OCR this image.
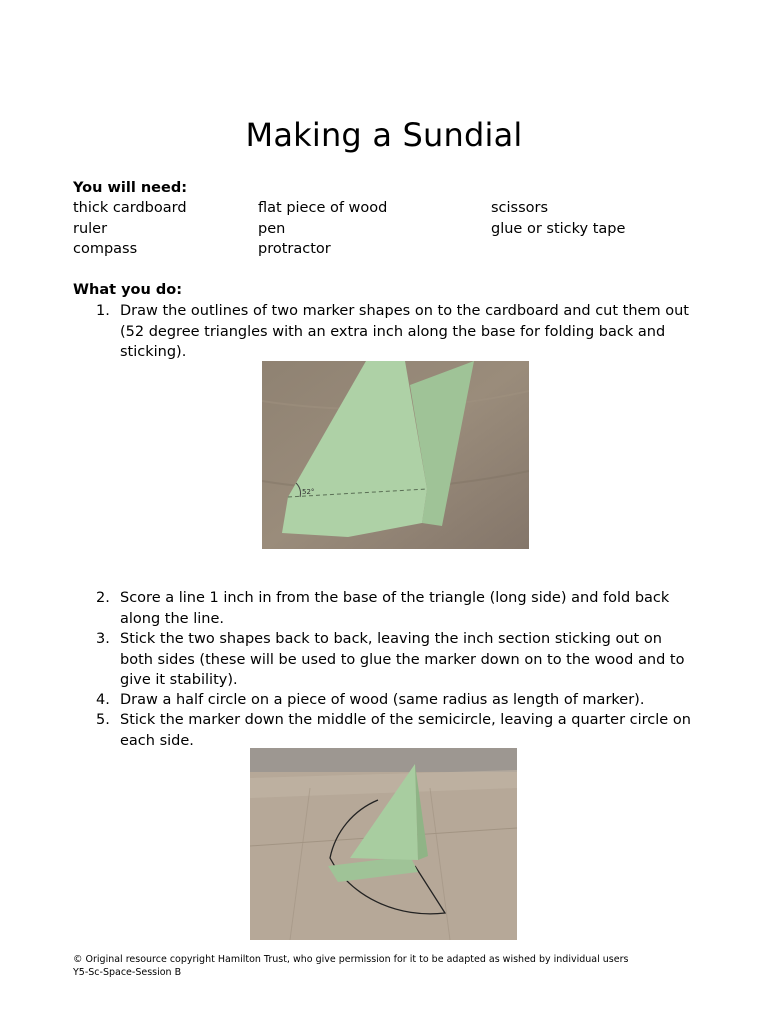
Making a Sundial
You will need:
thick cardboard	flat piece of wood	scissors
ruler	pen	glue or sticky tape
compass	protractor
What you do:
1. Draw the outlines of two marker shapes on to the cardboard and cut them out (52 degree triangles with an extra inch along the base for folding back and sticking).
52°
2. Score a line 1 inch in from the base of the triangle (long side) and fold back along the line.
3. Stick the two shapes back to back, leaving the inch section sticking out on both sides (these will be used to glue the marker down on to the wood and to give it stability).
4. Draw a half circle on a piece of wood (same radius as length of marker).
5. Stick the marker down the middle of the semicircle, leaving a quarter circle on each side.
© Original resource copyright Hamilton Trust, who give permission for it to be adapted as wished by individual users
Y5-Sc-Space-Session B
